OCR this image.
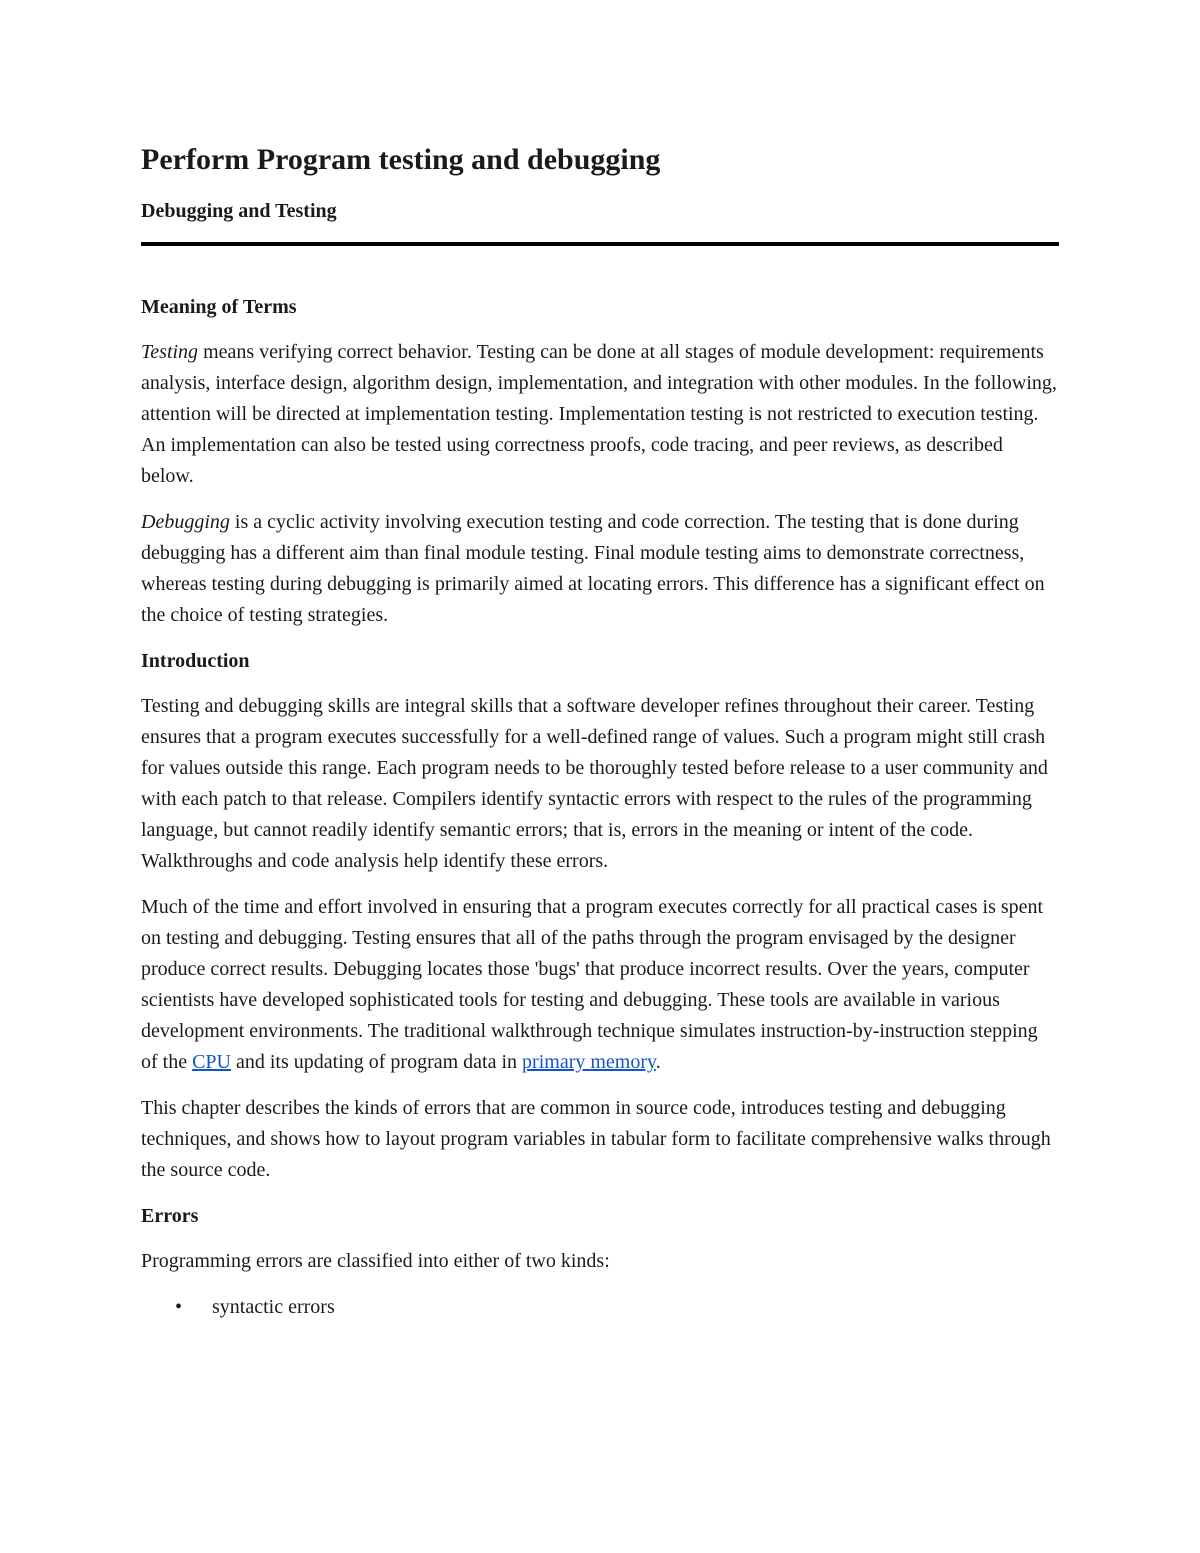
Perform Program testing and debugging
Debugging and Testing
Meaning of Terms

Testing means verifying correct behavior. Testing can be done at all stages of module development: requirements analysis, interface design, algorithm design, implementation, and integration with other modules. In the following, attention will be directed at implementation testing. Implementation testing is not restricted to execution testing. An implementation can also be tested using correctness proofs, code tracing, and peer reviews, as described below.

Debugging is a cyclic activity involving execution testing and code correction. The testing that is done during debugging has a different aim than final module testing. Final module testing aims to demonstrate correctness, whereas testing during debugging is primarily aimed at locating errors. This difference has a significant effect on the choice of testing strategies.

Introduction

Testing and debugging skills are integral skills that a software developer refines throughout their career. Testing ensures that a program executes successfully for a well-defined range of values. Such a program might still crash for values outside this range. Each program needs to be thoroughly tested before release to a user community and with each patch to that release. Compilers identify syntactic errors with respect to the rules of the programming language, but cannot readily identify semantic errors; that is, errors in the meaning or intent of the code. Walkthroughs and code analysis help identify these errors.

Much of the time and effort involved in ensuring that a program executes correctly for all practical cases is spent on testing and debugging. Testing ensures that all of the paths through the program envisaged by the designer produce correct results. Debugging locates those 'bugs' that produce incorrect results. Over the years, computer scientists have developed sophisticated tools for testing and debugging. These tools are available in various development environments. The traditional walkthrough technique simulates instruction-by-instruction stepping of the CPU and its updating of program data in primary memory.

This chapter describes the kinds of errors that are common in source code, introduces testing and debugging techniques, and shows how to layout program variables in tabular form to facilitate comprehensive walks through the source code.

Errors

Programming errors are classified into either of two kinds:

• syntactic errors
